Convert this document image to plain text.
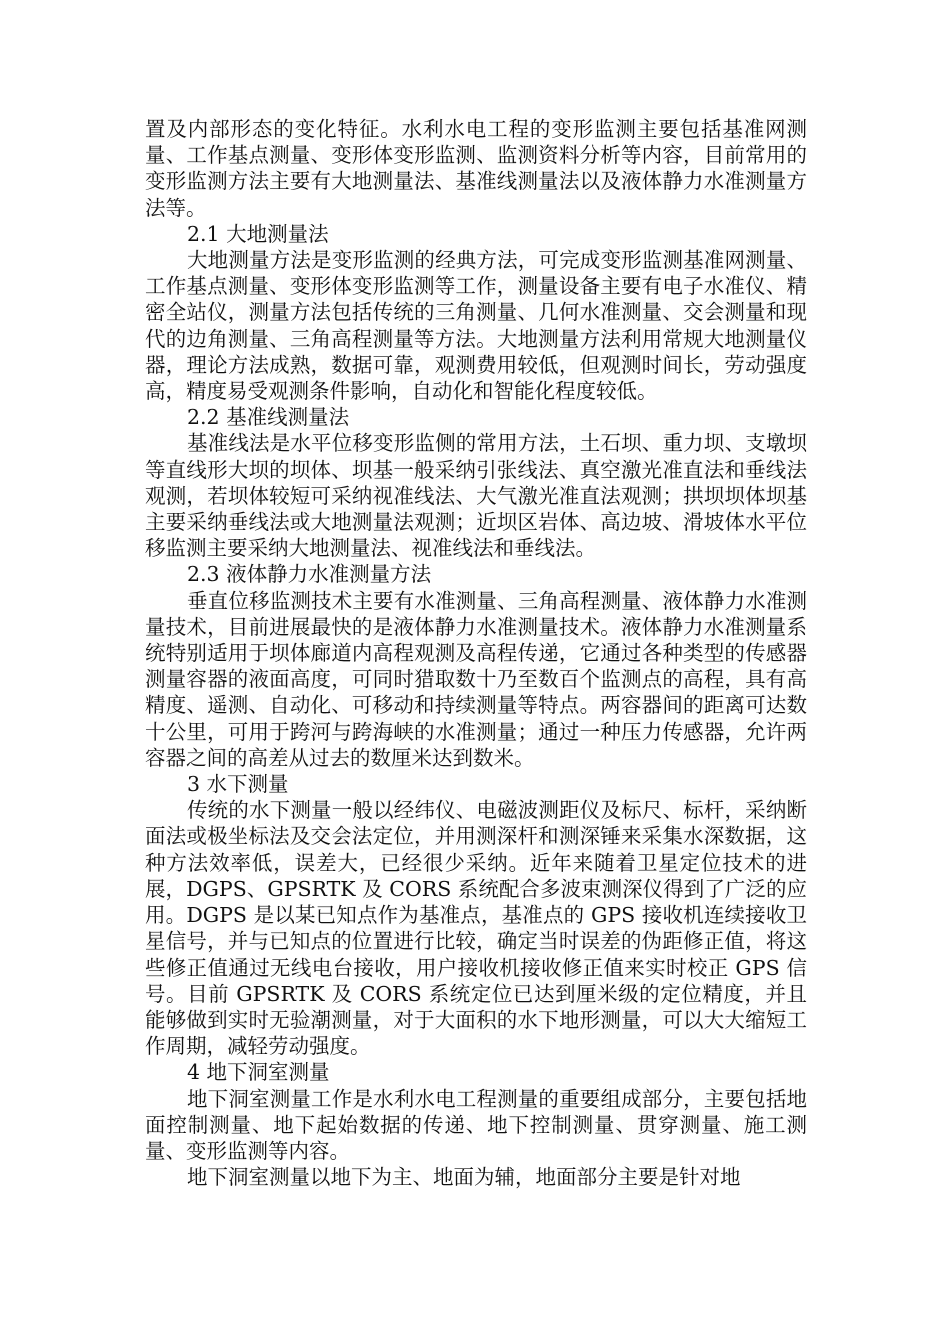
置及内部形态的变化特征。水利水电工程的变形监测主要包括基准网测量、工作基点测量、变形体变形监测、监测资料分析等内容，目前常用的变形监测方法主要有大地测量法、基准线测量法以及液体静力水准测量方法等。

2.1 大地测量法

大地测量方法是变形监测的经典方法，可完成变形监测基准网测量、工作基点测量、变形体变形监测等工作，测量设备主要有电子水准仪、精密全站仪，测量方法包括传统的三角测量、几何水准测量、交会测量和现代的边角测量、三角高程测量等方法。大地测量方法利用常规大地测量仪器，理论方法成熟，数据可靠，观测费用较低，但观测时间长，劳动强度高，精度易受观测条件影响，自动化和智能化程度较低。

2.2 基准线测量法

基准线法是水平位移变形监侧的常用方法，土石坝、重力坝、支墩坝等直线形大坝的坝体、坝基一般采纳引张线法、真空激光准直法和垂线法观测，若坝体较短可采纳视准线法、大气激光准直法观测；拱坝坝体坝基主要采纳垂线法或大地测量法观测；近坝区岩体、高边坡、滑坡体水平位移监测主要采纳大地测量法、视准线法和垂线法。

2.3 液体静力水准测量方法

垂直位移监测技术主要有水准测量、三角高程测量、液体静力水准测量技术，目前进展最快的是液体静力水准测量技术。液体静力水准测量系统特别适用于坝体廊道内高程观测及高程传递，它通过各种类型的传感器测量容器的液面高度，可同时猎取数十乃至数百个监测点的高程，具有高精度、遥测、自动化、可移动和持续测量等特点。两容器间的距离可达数十公里，可用于跨河与跨海峡的水准测量；通过一种压力传感器，允许两容器之间的高差从过去的数厘米达到数米。

3 水下测量

传统的水下测量一般以经纬仪、电磁波测距仪及标尺、标杆，采纳断面法或极坐标法及交会法定位，并用测深杆和测深锤来采集水深数据，这种方法效率低，误差大，已经很少采纳。近年来随着卫星定位技术的进展，DGPS、GPSRTK 及 CORS 系统配合多波束测深仪得到了广泛的应用。DGPS 是以某已知点作为基准点，基准点的 GPS 接收机连续接收卫星信号，并与已知点的位置进行比较，确定当时误差的伪距修正值，将这些修正值通过无线电台接收，用户接收机接收修正值来实时校正 GPS 信号。目前 GPSRTK 及 CORS 系统定位已达到厘米级的定位精度，并且能够做到实时无验潮测量，对于大面积的水下地形测量，可以大大缩短工作周期，减轻劳动强度。

4 地下洞室测量

地下洞室测量工作是水利水电工程测量的重要组成部分，主要包括地面控制测量、地下起始数据的传递、地下控制测量、贯穿测量、施工测量、变形监测等内容。

地下洞室测量以地下为主、地面为辅，地面部分主要是针对地
